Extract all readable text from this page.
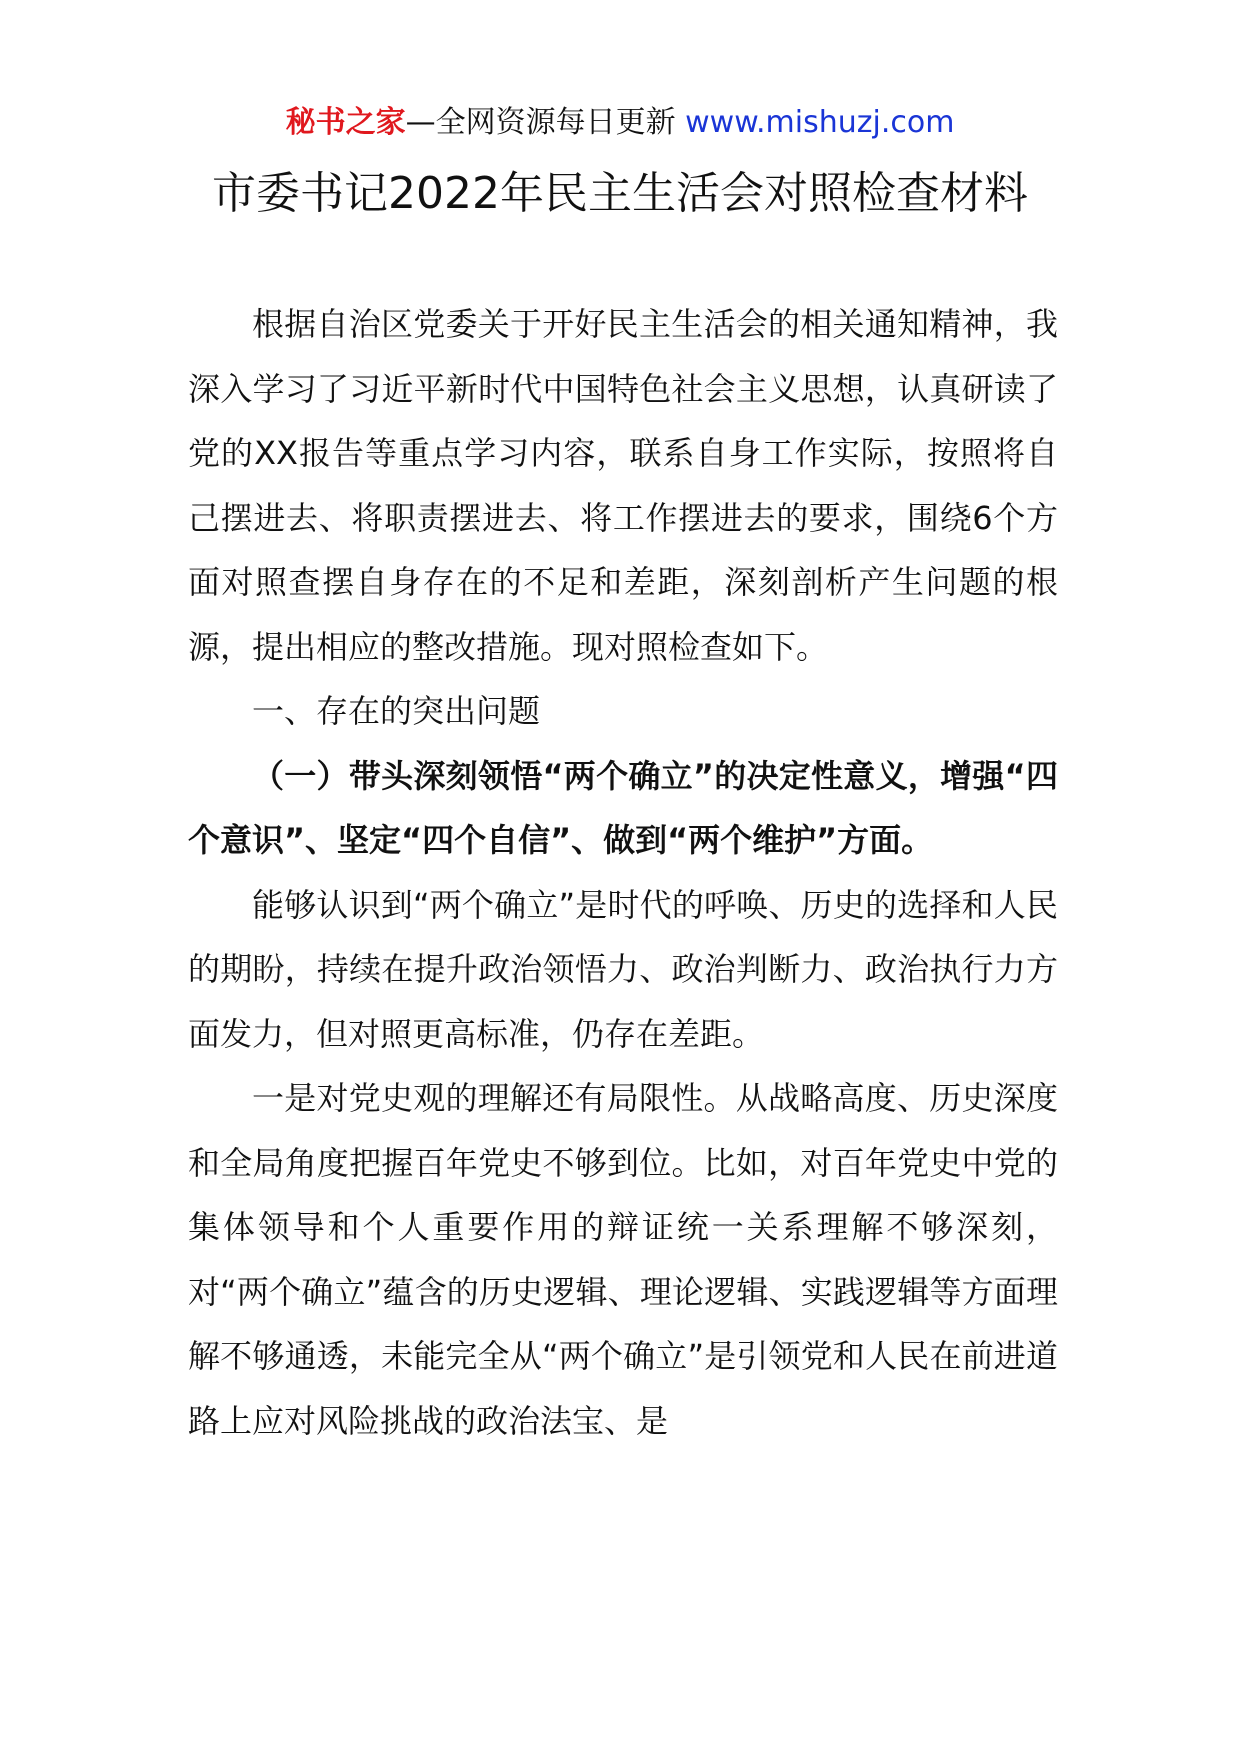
秘书之家—全网资源每日更新 www.mishuzj.com
市委书记2022年民主生活会对照检查材料

根据自治区党委关于开好民主生活会的相关通知精神，我深入学习了习近平新时代中国特色社会主义思想，认真研读了党的XX报告等重点学习内容，联系自身工作实际，按照将自己摆进去、将职责摆进去、将工作摆进去的要求，围绕6个方面对照查摆自身存在的不足和差距，深刻剖析产生问题的根源，提出相应的整改措施。现对照检查如下。

一、存在的突出问题

（一）带头深刻领悟“两个确立”的决定性意义，增强“四个意识”、坚定“四个自信”、做到“两个维护”方面。

能够认识到“两个确立”是时代的呼唤、历史的选择和人民的期盼，持续在提升政治领悟力、政治判断力、政治执行力方面发力，但对照更高标准，仍存在差距。

一是对党史观的理解还有局限性。从战略高度、历史深度和全局角度把握百年党史不够到位。比如，对百年党史中党的集体领导和个人重要作用的辩证统一关系理解不够深刻，对“两个确立”蕴含的历史逻辑、理论逻辑、实践逻辑等方面理解不够通透，未能完全从“两个确立”是引领党和人民在前进道路上应对风险挑战的政治法宝、是
